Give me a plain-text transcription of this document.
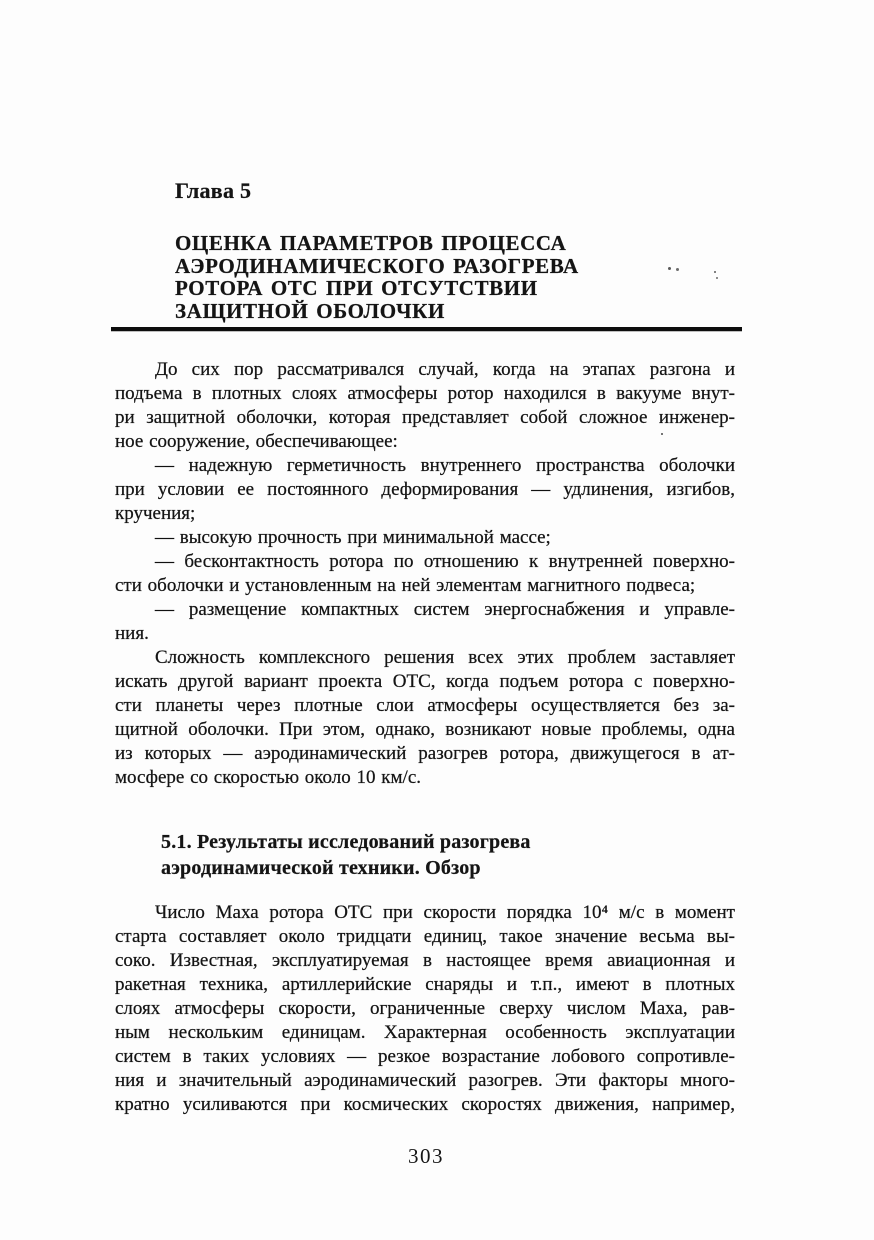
Глава 5
ОЦЕНКА ПАРАМЕТРОВ ПРОЦЕССА
АЭРОДИНАМИЧЕСКОГО РАЗОГРЕВА
РОТОРА ОТС ПРИ ОТСУТСТВИИ
ЗАЩИТНОЙ ОБОЛОЧКИ
До сих пор рассматривался случай, когда на этапах разгона и
подъема в плотных слоях атмосферы ротор находился в вакууме внут-
ри защитной оболочки, которая представляет собой сложное инженер-
ное сооружение, обеспечивающее:
— надежную герметичность внутреннего пространства оболочки
при условии ее постоянного деформирования — удлинения, изгибов,
кручения;
— высокую прочность при минимальной массе;
— бесконтактность ротора по отношению к внутренней поверхно-
сти оболочки и установленным на ней элементам магнитного подвеса;
— размещение компактных систем энергоснабжения и управле-
ния.
Сложность комплексного решения всех этих проблем заставляет
искать другой вариант проекта ОТС, когда подъем ротора с поверхно-
сти планеты через плотные слои атмосферы осуществляется без за-
щитной оболочки. При этом, однако, возникают новые проблемы, одна
из которых — аэродинамический разогрев ротора, движущегося в ат-
мосфере со скоростью около 10 км/с.
5.1. Результаты исследований разогрева
аэродинамической техники. Обзор
Число Маха ротора ОТС при скорости порядка 10⁴ м/с в момент
старта составляет около тридцати единиц, такое значение весьма вы-
соко. Известная, эксплуатируемая в настоящее время авиационная и
ракетная техника, артиллерийские снаряды и т.п., имеют в плотных
слоях атмосферы скорости, ограниченные сверху числом Маха, рав-
ным нескольким единицам. Характерная особенность эксплуатации
систем в таких условиях — резкое возрастание лобового сопротивле-
ния и значительный аэродинамический разогрев. Эти факторы много-
кратно усиливаются при космических скоростях движения, например,
303
